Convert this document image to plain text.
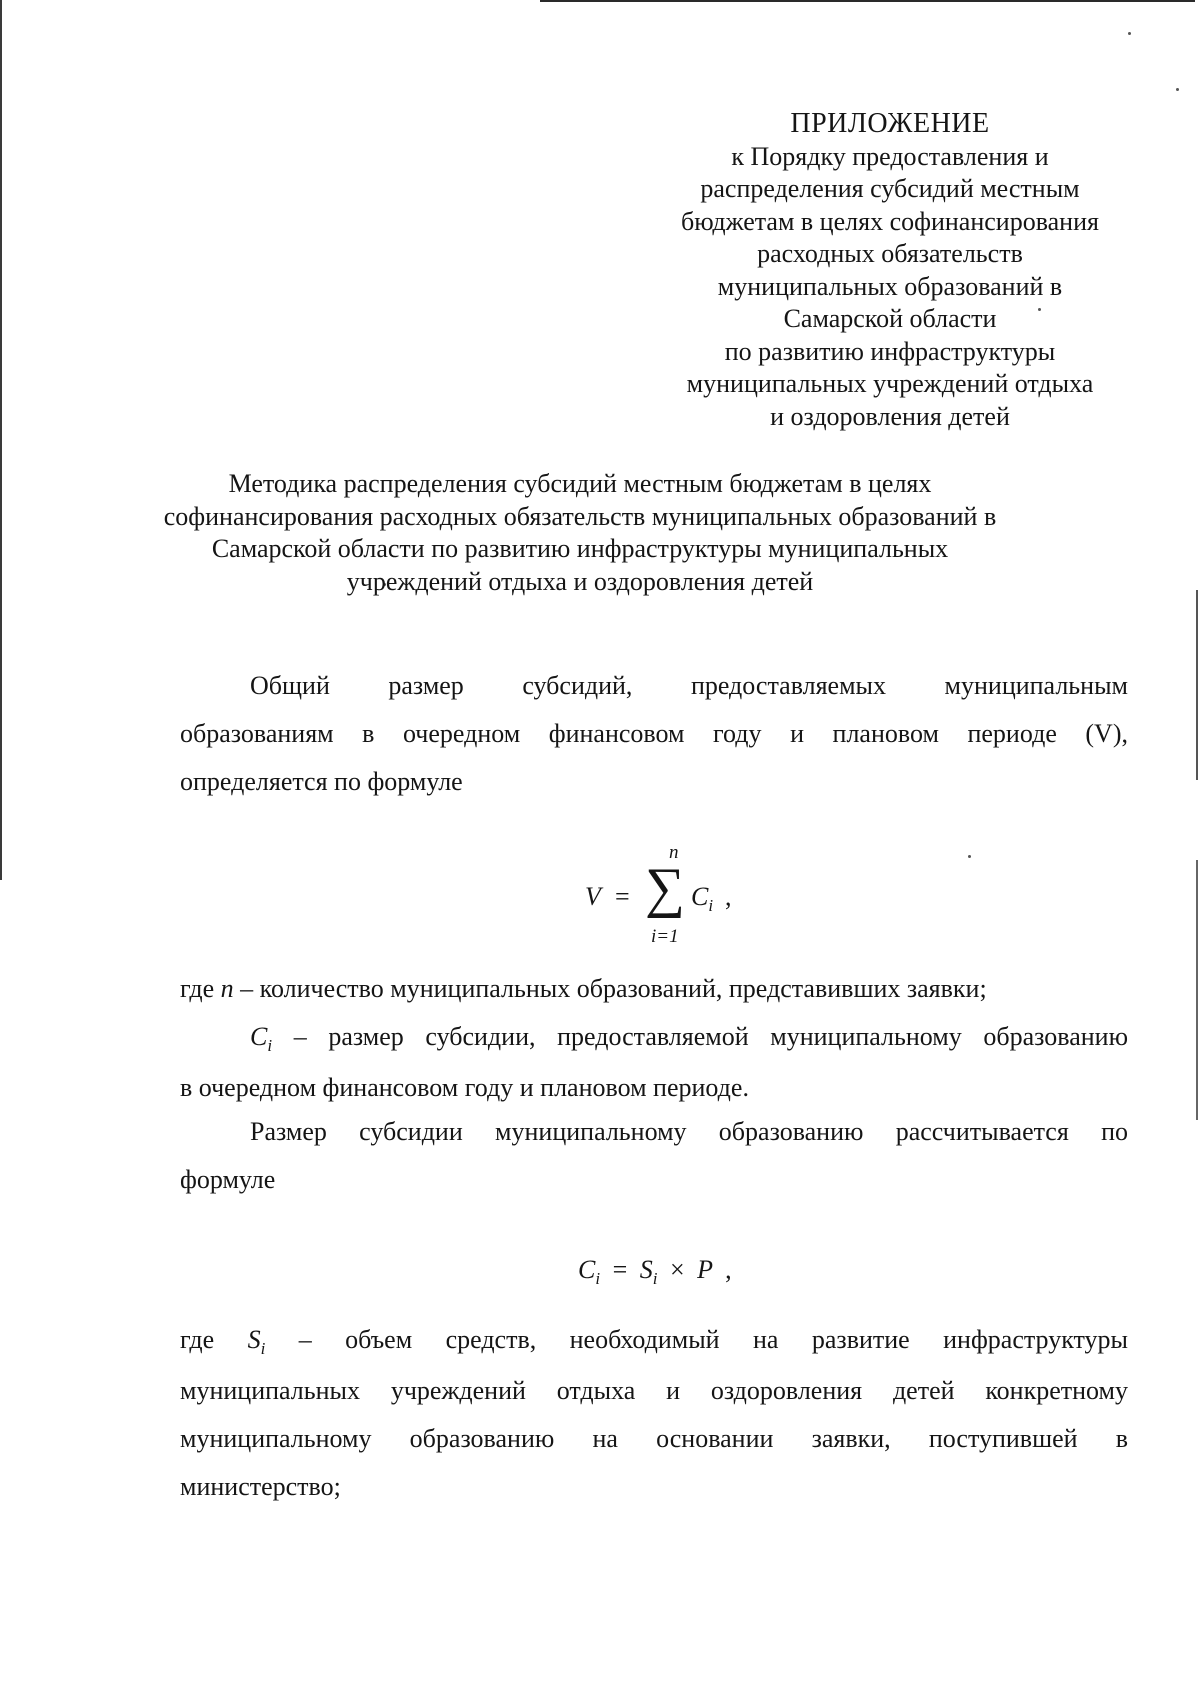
ПРИЛОЖЕНИЕ
к Порядку предоставления и
распределения субсидий местным
бюджетам в целях софинансирования
расходных обязательств
муниципальных образований в
Самарской области
по развитию инфраструктуры
муниципальных учреждений отдыха
и оздоровления детей
Методика распределения субсидий местным бюджетам в целях
софинансирования расходных обязательств муниципальных образований в
Самарской области по развитию инфраструктуры муниципальных
учреждений отдыха и оздоровления детей
Общий размер субсидий, предоставляемых муниципальным
образованиям в очередном финансовом году и плановом периоде (V),
определяется по формуле
n
V = ∑ $C_i$ ,
i=1
где n – количество муниципальных образований, представивших заявки;
$C_i$ – размер субсидии, предоставляемой муниципальному образованию
в очередном финансовом году и плановом периоде.
Размер субсидии муниципальному образованию рассчитывается по
формуле
$C_i = S_i \times P$ ,
где $S_i$ – объем средств, необходимый на развитие инфраструктуры
муниципальных учреждений отдыха и оздоровления детей конкретному
муниципальному образованию на основании заявки, поступившей в
министерство;
